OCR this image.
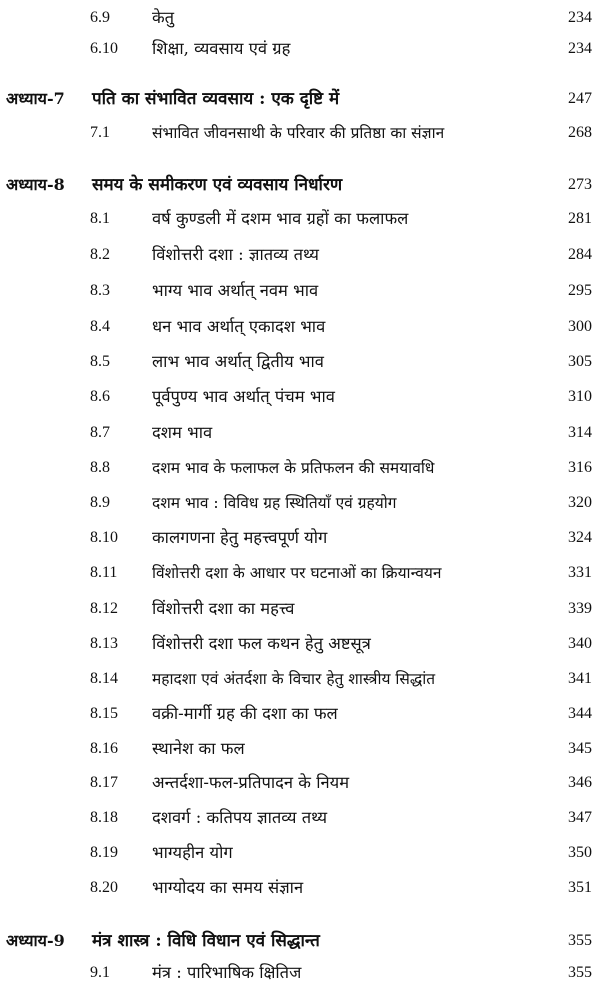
6.9	केतु	234
6.10 शिक्षा, व्यवसाय एवं ग्रह	234
अध्याय-7 पति का संभावित व्यवसाय : एक दृष्टि में	247
7.1	संभावित जीवनसाथी के परिवार की प्रतिष्ठा का संज्ञान	268
अध्याय-8 समय के समीकरण एवं व्यवसाय निर्धारण	273
8.1	वर्ष कुण्डली में दशम भाव ग्रहों का फलाफल	281
8.2	विंशोत्तरी दशा : ज्ञातव्य तथ्य	284
8.3	भाग्य भाव अर्थात् नवम भाव	295
8.4	धन भाव अर्थात् एकादश भाव	300
8.5	लाभ भाव अर्थात् द्वितीय भाव	305
8.6	पूर्वपुण्य भाव अर्थात् पंचम भाव	310
8.7	दशम भाव	314
8.8	दशम भाव के फलाफल के प्रतिफलन की समयावधि	316
8.9	दशम भाव : विविध ग्रह स्थितियाँ एवं ग्रहयोग	320
8.10 कालगणना हेतु महत्त्वपूर्ण योग	324
8.11 विंशोत्तरी दशा के आधार पर घटनाओं का क्रियान्वयन	331
8.12 विंशोत्तरी दशा का महत्त्व	339
8.13 विंशोत्तरी दशा फल कथन हेतु अष्टसूत्र	340
8.14 महादशा एवं अंतर्दशा के विचार हेतु शास्त्रीय सिद्धांत	341
8.15 वक्री-मार्गी ग्रह की दशा का फल	344
8.16 स्थानेश का फल	345
8.17 अन्तर्दशा-फल-प्रतिपादन के नियम	346
8.18 दशवर्ग : कतिपय ज्ञातव्य तथ्य	347
8.19 भाग्यहीन योग	350
8.20 भाग्योदय का समय संज्ञान	351
अध्याय-9 मंत्र शास्त्र : विधि विधान एवं सिद्धान्त	355
9.1	मंत्र : पारिभाषिक क्षितिज	355
